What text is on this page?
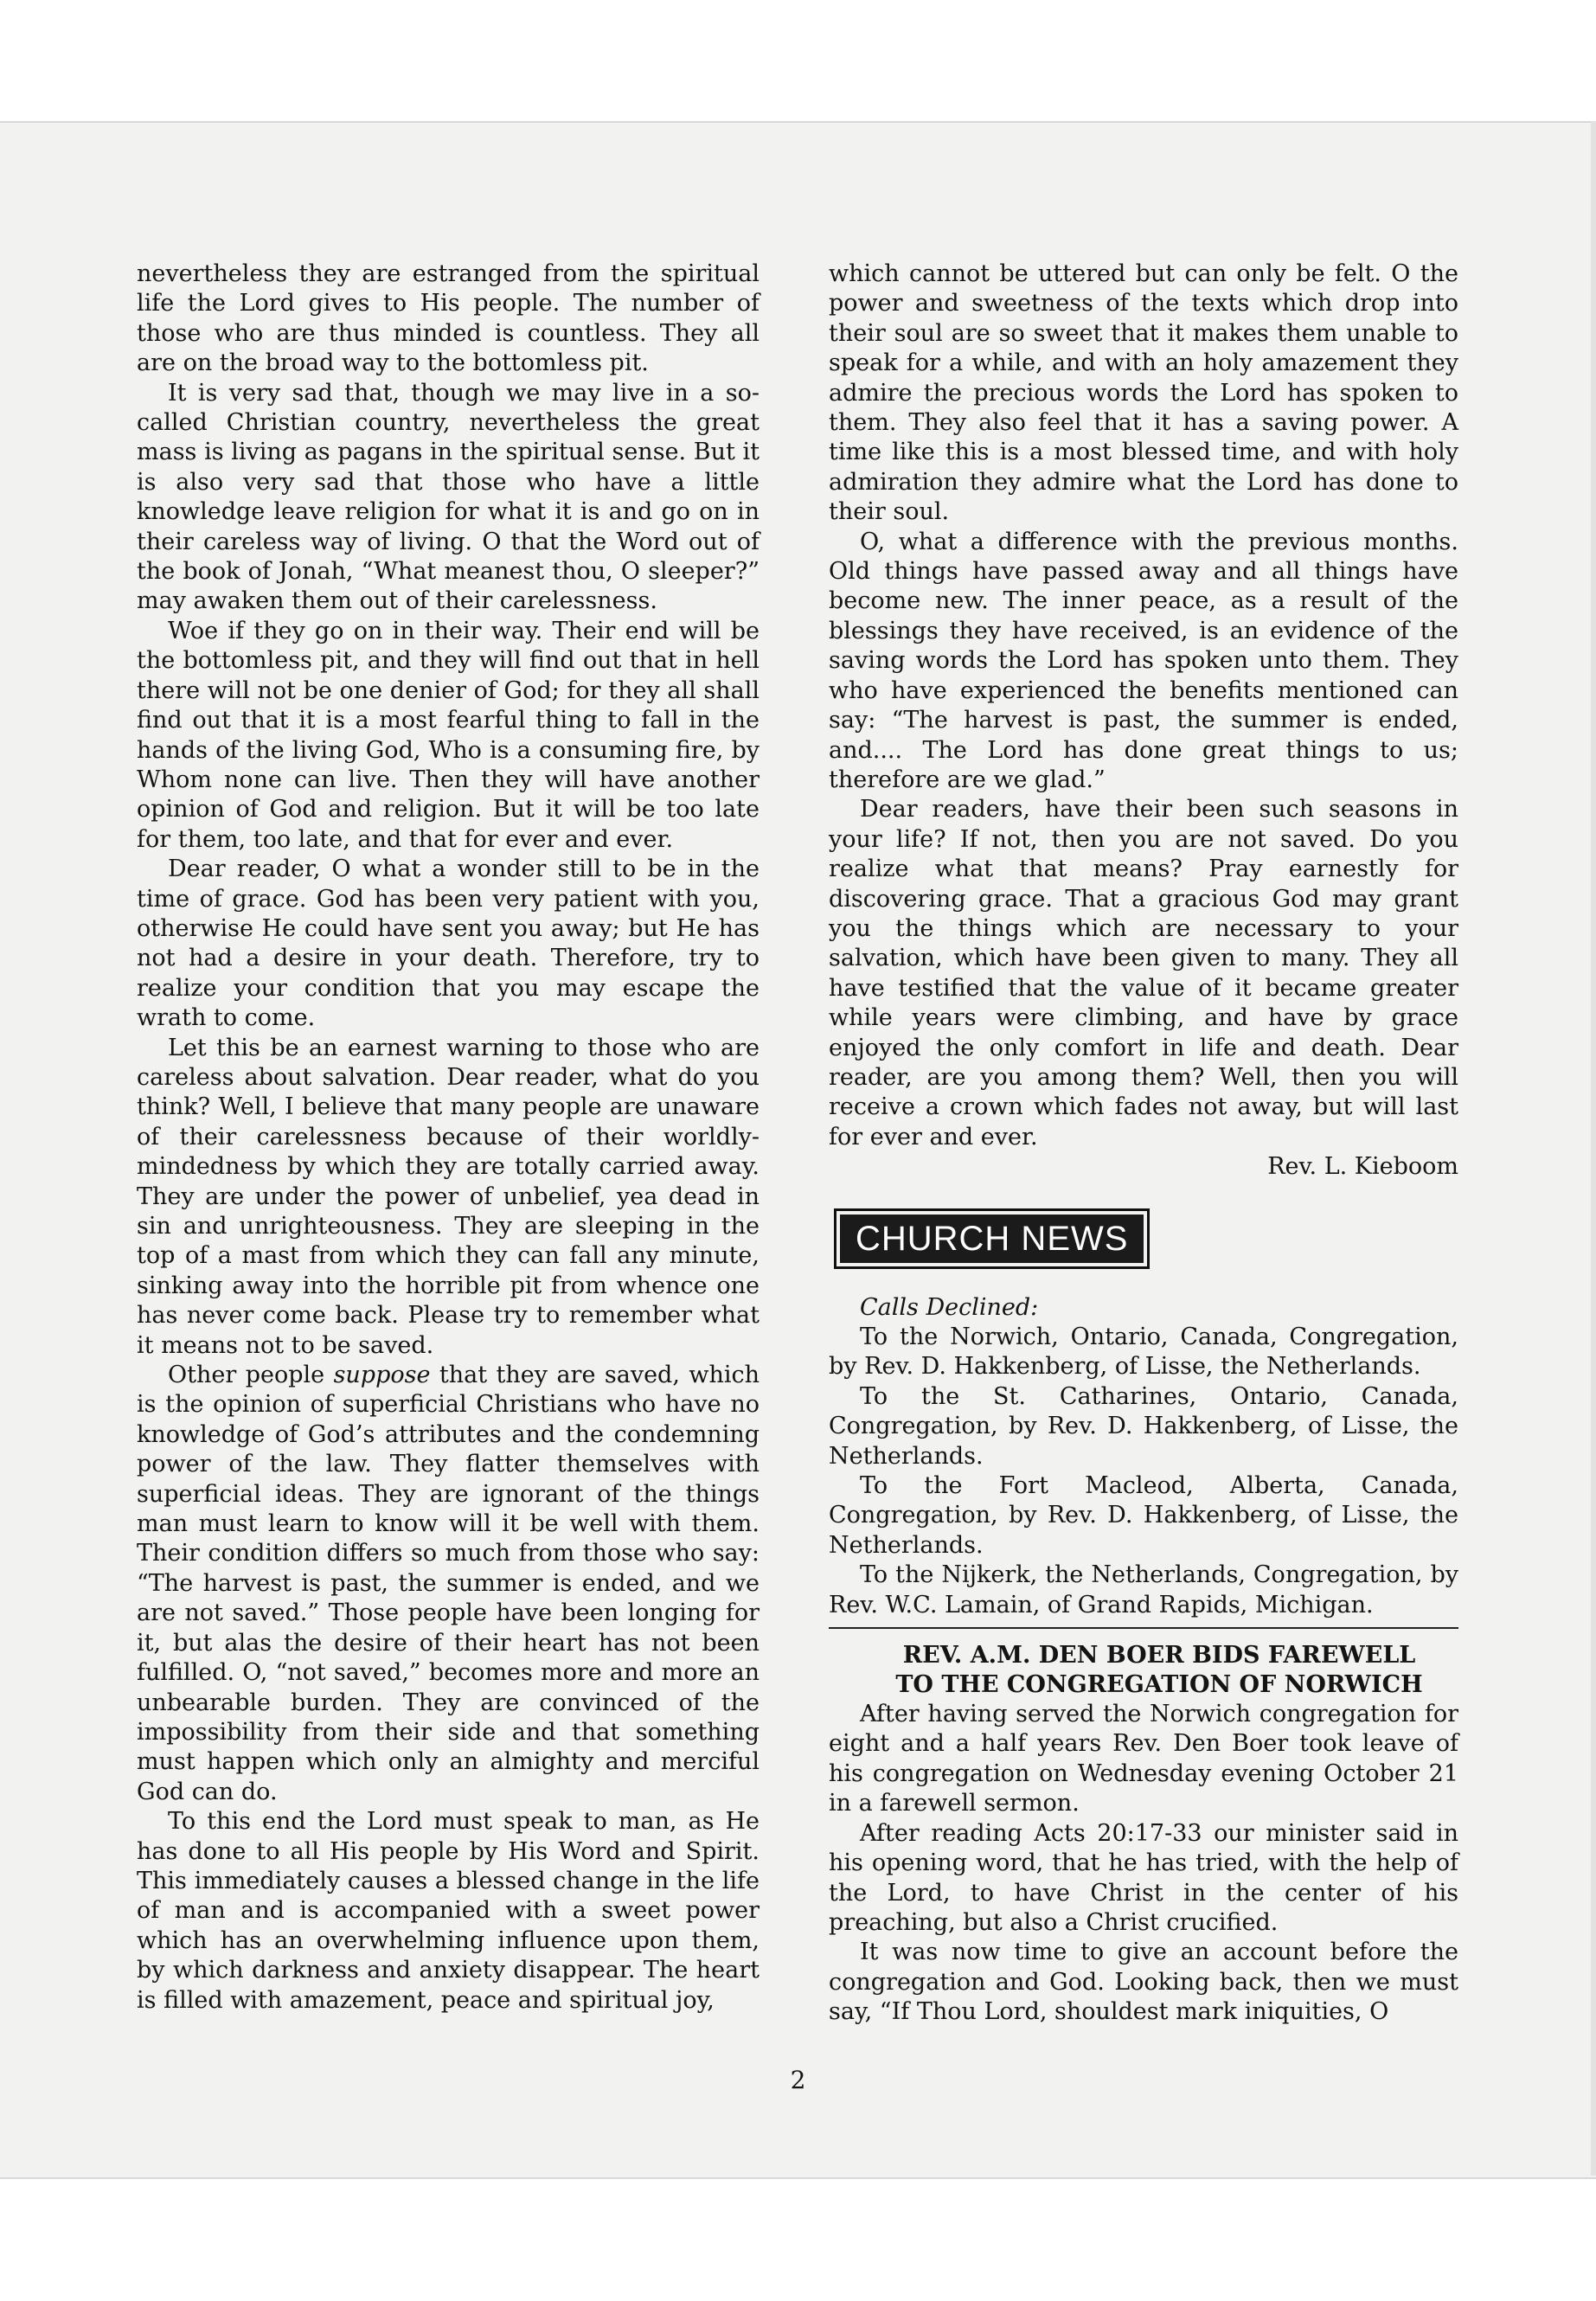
nevertheless they are estranged from the spiritual life the Lord gives to His people. The number of those who are thus minded is countless. They all are on the broad way to the bottomless pit.

It is very sad that, though we may live in a so-called Christian country, nevertheless the great mass is living as pagans in the spiritual sense. But it is also very sad that those who have a little knowledge leave religion for what it is and go on in their careless way of living. O that the Word out of the book of Jonah, “What meanest thou, O sleeper?” may awaken them out of their carelessness.

Woe if they go on in their way. Their end will be the bottomless pit, and they will find out that in hell there will not be one denier of God; for they all shall find out that it is a most fearful thing to fall in the hands of the living God, Who is a consuming fire, by Whom none can live. Then they will have another opinion of God and religion. But it will be too late for them, too late, and that for ever and ever.

Dear reader, O what a wonder still to be in the time of grace. God has been very patient with you, otherwise He could have sent you away; but He has not had a desire in your death. Therefore, try to realize your condition that you may escape the wrath to come.

Let this be an earnest warning to those who are careless about salvation. Dear reader, what do you think? Well, I believe that many people are unaware of their carelessness because of their worldly-mindedness by which they are totally carried away. They are under the power of unbelief, yea dead in sin and unrighteousness. They are sleeping in the top of a mast from which they can fall any minute, sinking away into the horrible pit from whence one has never come back. Please try to remember what it means not to be saved.

Other people suppose that they are saved, which is the opinion of superficial Christians who have no knowledge of God’s attributes and the condemning power of the law. They flatter themselves with superficial ideas. They are ignorant of the things man must learn to know will it be well with them. Their condition differs so much from those who say: “The harvest is past, the summer is ended, and we are not saved.” Those people have been longing for it, but alas the desire of their heart has not been fulfilled. O, “not saved,” becomes more and more an unbearable burden. They are convinced of the impossibility from their side and that something must happen which only an almighty and merciful God can do.

To this end the Lord must speak to man, as He has done to all His people by His Word and Spirit. This immediately causes a blessed change in the life of man and is accompanied with a sweet power which has an overwhelming influence upon them, by which darkness and anxiety disappear. The heart is filled with amazement, peace and spiritual joy,

which cannot be uttered but can only be felt. O the power and sweetness of the texts which drop into their soul are so sweet that it makes them unable to speak for a while, and with an holy amazement they admire the precious words the Lord has spoken to them. They also feel that it has a saving power. A time like this is a most blessed time, and with holy admiration they admire what the Lord has done to their soul.

O, what a difference with the previous months. Old things have passed away and all things have become new. The inner peace, as a result of the blessings they have received, is an evidence of the saving words the Lord has spoken unto them. They who have experienced the benefits mentioned can say: “The harvest is past, the summer is ended, and.... The Lord has done great things to us; therefore are we glad.”

Dear readers, have their been such seasons in your life? If not, then you are not saved. Do you realize what that means? Pray earnestly for discovering grace. That a gracious God may grant you the things which are necessary to your salvation, which have been given to many. They all have testified that the value of it became greater while years were climbing, and have by grace enjoyed the only comfort in life and death. Dear reader, are you among them? Well, then you will receive a crown which fades not away, but will last for ever and ever.

Rev. L. Kieboom

CHURCH NEWS

Calls Declined:

To the Norwich, Ontario, Canada, Congregation, by Rev. D. Hakkenberg, of Lisse, the Netherlands.

To the St. Catharines, Ontario, Canada, Congregation, by Rev. D. Hakkenberg, of Lisse, the Netherlands.

To the Fort Macleod, Alberta, Canada, Congregation, by Rev. D. Hakkenberg, of Lisse, the Netherlands.

To the Nijkerk, the Netherlands, Congregation, by Rev. W.C. Lamain, of Grand Rapids, Michigan.

REV. A.M. DEN BOER BIDS FAREWELL

TO THE CONGREGATION OF NORWICH

After having served the Norwich congregation for eight and a half years Rev. Den Boer took leave of his congregation on Wednesday evening October 21 in a farewell sermon.

After reading Acts 20:17-33 our minister said in his opening word, that he has tried, with the help of the Lord, to have Christ in the center of his preaching, but also a Christ crucified.

It was now time to give an account before the congregation and God. Looking back, then we must say, “If Thou Lord, shouldest mark iniquities, O

2
